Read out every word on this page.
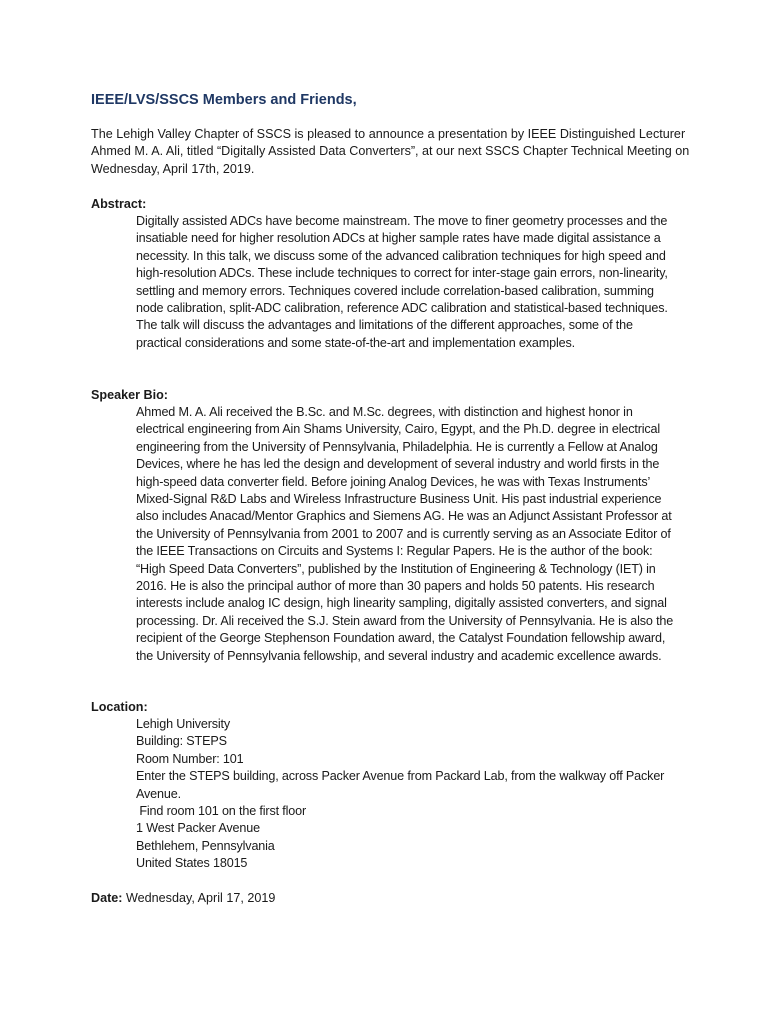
IEEE/LVS/SSCS Members and Friends,
The Lehigh Valley Chapter of SSCS is pleased to announce a presentation by IEEE Distinguished Lecturer Ahmed M. A. Ali, titled “Digitally Assisted Data Converters”, at our next SSCS Chapter Technical Meeting on Wednesday, April 17th, 2019.
Abstract:
Digitally assisted ADCs have become mainstream. The move to finer geometry processes and the insatiable need for higher resolution ADCs at higher sample rates have made digital assistance a necessity. In this talk, we discuss some of the advanced calibration techniques for high speed and high-resolution ADCs. These include techniques to correct for inter-stage gain errors, non-linearity, settling and memory errors. Techniques covered include correlation-based calibration, summing node calibration, split-ADC calibration, reference ADC calibration and statistical-based techniques. The talk will discuss the advantages and limitations of the different approaches, some of the practical considerations and some state-of-the-art and implementation examples.
Speaker Bio:
Ahmed M. A. Ali received the B.Sc. and M.Sc. degrees, with distinction and highest honor in electrical engineering from Ain Shams University, Cairo, Egypt, and the Ph.D. degree in electrical engineering from the University of Pennsylvania, Philadelphia. He is currently a Fellow at Analog Devices, where he has led the design and development of several industry and world firsts in the high-speed data converter field. Before joining Analog Devices, he was with Texas Instruments’ Mixed-Signal R&D Labs and Wireless Infrastructure Business Unit. His past industrial experience also includes Anacad/Mentor Graphics and Siemens AG. He was an Adjunct Assistant Professor at the University of Pennsylvania from 2001 to 2007 and is currently serving as an Associate Editor of the IEEE Transactions on Circuits and Systems I: Regular Papers. He is the author of the book: “High Speed Data Converters”, published by the Institution of Engineering & Technology (IET) in 2016. He is also the principal author of more than 30 papers and holds 50 patents. His research interests include analog IC design, high linearity sampling, digitally assisted converters, and signal processing. Dr. Ali received the S.J. Stein award from the University of Pennsylvania. He is also the recipient of the George Stephenson Foundation award, the Catalyst Foundation fellowship award, the University of Pennsylvania fellowship, and several industry and academic excellence awards.
Location:
Lehigh University
Building: STEPS
Room Number: 101
Enter the STEPS building, across Packer Avenue from Packard Lab, from the walkway off Packer
Avenue.
Find room 101 on the first floor
1 West Packer Avenue
Bethlehem, Pennsylvania
United States 18015
Date: Wednesday, April 17, 2019
